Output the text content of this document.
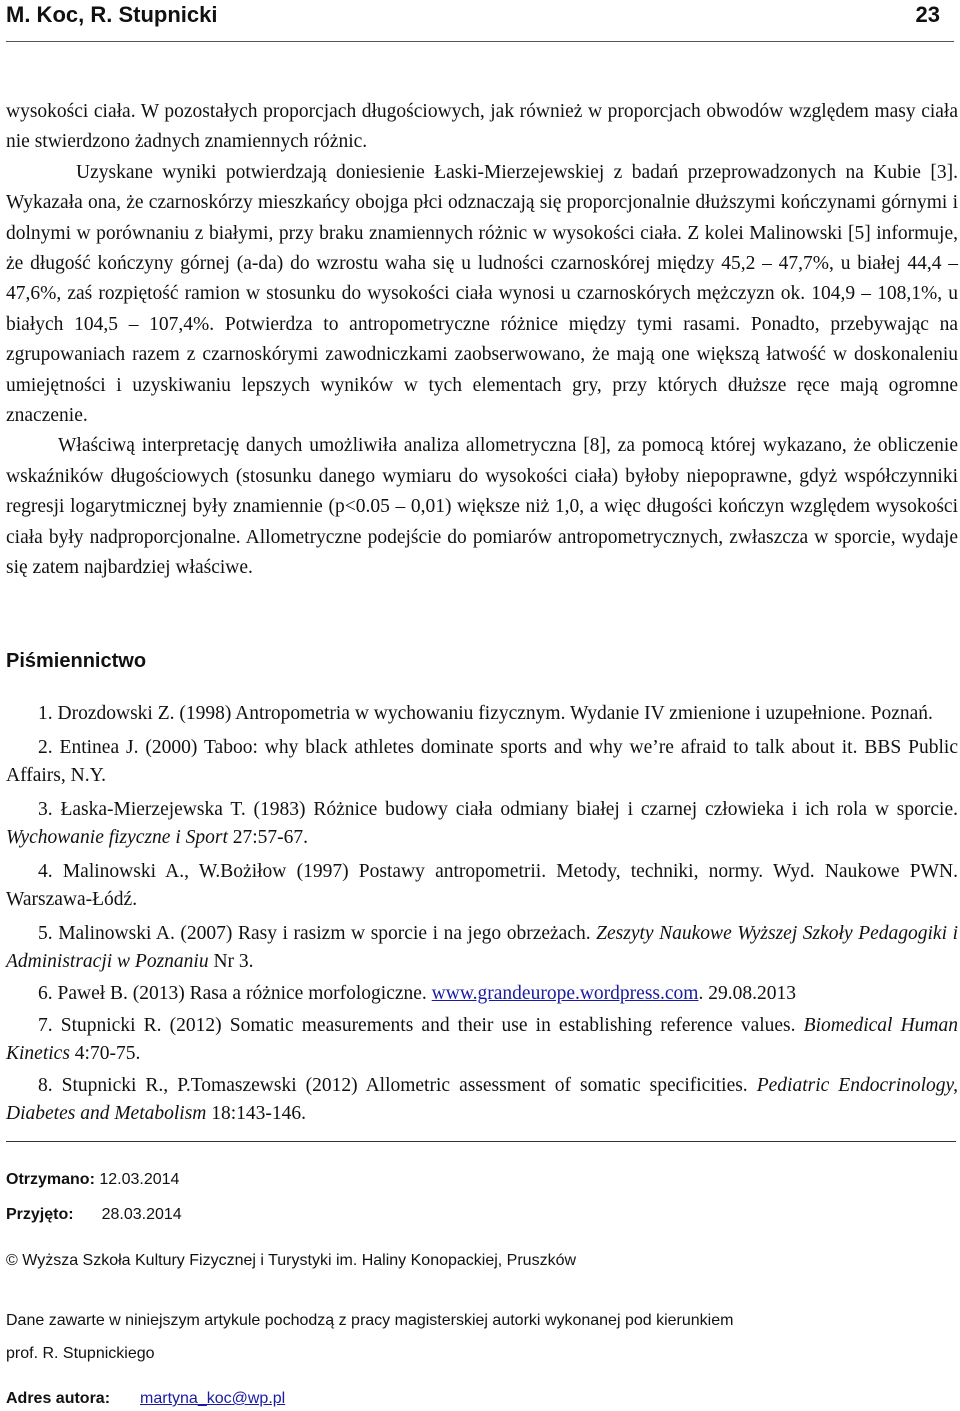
M. Koc, R. Stupnicki	23

wysokości ciała. W pozostałych proporcjach długościowych, jak również w proporcjach obwodów względem masy ciała nie stwierdzono żadnych znamiennych różnic.

Uzyskane wyniki potwierdzają doniesienie Łaski-Mierzejewskiej z badań przeprowadzonych na Kubie [3]. Wykazała ona, że czarnoskórzy mieszkańcy obojga płci odznaczają się proporcjonalnie dłuższymi kończynami górnymi i dolnymi w porównaniu z białymi, przy braku znamiennych różnic w wysokości ciała. Z kolei Malinowski [5] informuje, że długość kończyny górnej (a-da) do wzrostu waha się u ludności czarnoskórej między 45,2 – 47,7%, u białej 44,4 – 47,6%, zaś rozpiętość ramion w stosunku do wysokości ciała wynosi u czarnoskórych mężczyzn ok. 104,9 – 108,1%, u białych 104,5 – 107,4%. Potwierdza to antropometryczne różnice między tymi rasami. Ponadto, przebywając na zgrupowaniach razem z czarnoskórymi zawodniczkami zaobserwowano, że mają one większą łatwość w doskonaleniu umiejętności i uzyskiwaniu lepszych wyników w tych elementach gry, przy których dłuższe ręce mają ogromne znaczenie.

Właściwą interpretację danych umożliwiła analiza allometryczna [8], za pomocą której wykazano, że obliczenie wskaźników długościowych (stosunku danego wymiaru do wysokości ciała) byłoby niepoprawne, gdyż współczynniki regresji logarytmicznej były znamiennie (p<0.05 – 0,01) większe niż 1,0, a więc długości kończyn względem wysokości ciała były nadproporcjonalne. Allometryczne podejście do pomiarów antropometrycznych, zwłaszcza w sporcie, wydaje się zatem najbardziej właściwe.

Piśmiennictwo

1. Drozdowski Z. (1998) Antropometria w wychowaniu fizycznym. Wydanie IV zmienione i uzupełnione. Poznań.

2. Entinea J. (2000) Taboo: why black athletes dominate sports and why we’re afraid to talk about it. BBS Public Affairs, N.Y.

3. Łaska-Mierzejewska T. (1983) Różnice budowy ciała odmiany białej i czarnej człowieka i ich rola w sporcie. Wychowanie fizyczne i Sport 27:57-67.

4. Malinowski A., W.Bożiłow (1997) Postawy antropometrii. Metody, techniki, normy. Wyd. Naukowe PWN. Warszawa-Łódź.

5. Malinowski A. (2007) Rasy i rasizm w sporcie i na jego obrzeżach. Zeszyty Naukowe Wyższej Szkoły Pedagogiki i Administracji w Poznaniu Nr 3.

6. Paweł B. (2013) Rasa a różnice morfologiczne. www.grandeurope.wordpress.com. 29.08.2013

7. Stupnicki R. (2012) Somatic measurements and their use in establishing reference values. Biomedical Human Kinetics 4:70-75.

8. Stupnicki R., P.Tomaszewski (2012) Allometric assessment of somatic specificities. Pediatric Endocrinology, Diabetes and Metabolism 18:143-146.

Otrzymano: 12.03.2014
Przyjęto: 28.03.2014
© Wyższa Szkoła Kultury Fizycznej i Turystyki im. Haliny Konopackiej, Pruszków
Dane zawarte w niniejszym artykule pochodzą z pracy magisterskiej autorki wykonanej pod kierunkiem
prof. R. Stupnickiego
Adres autora: martyna_koc@wp.pl
